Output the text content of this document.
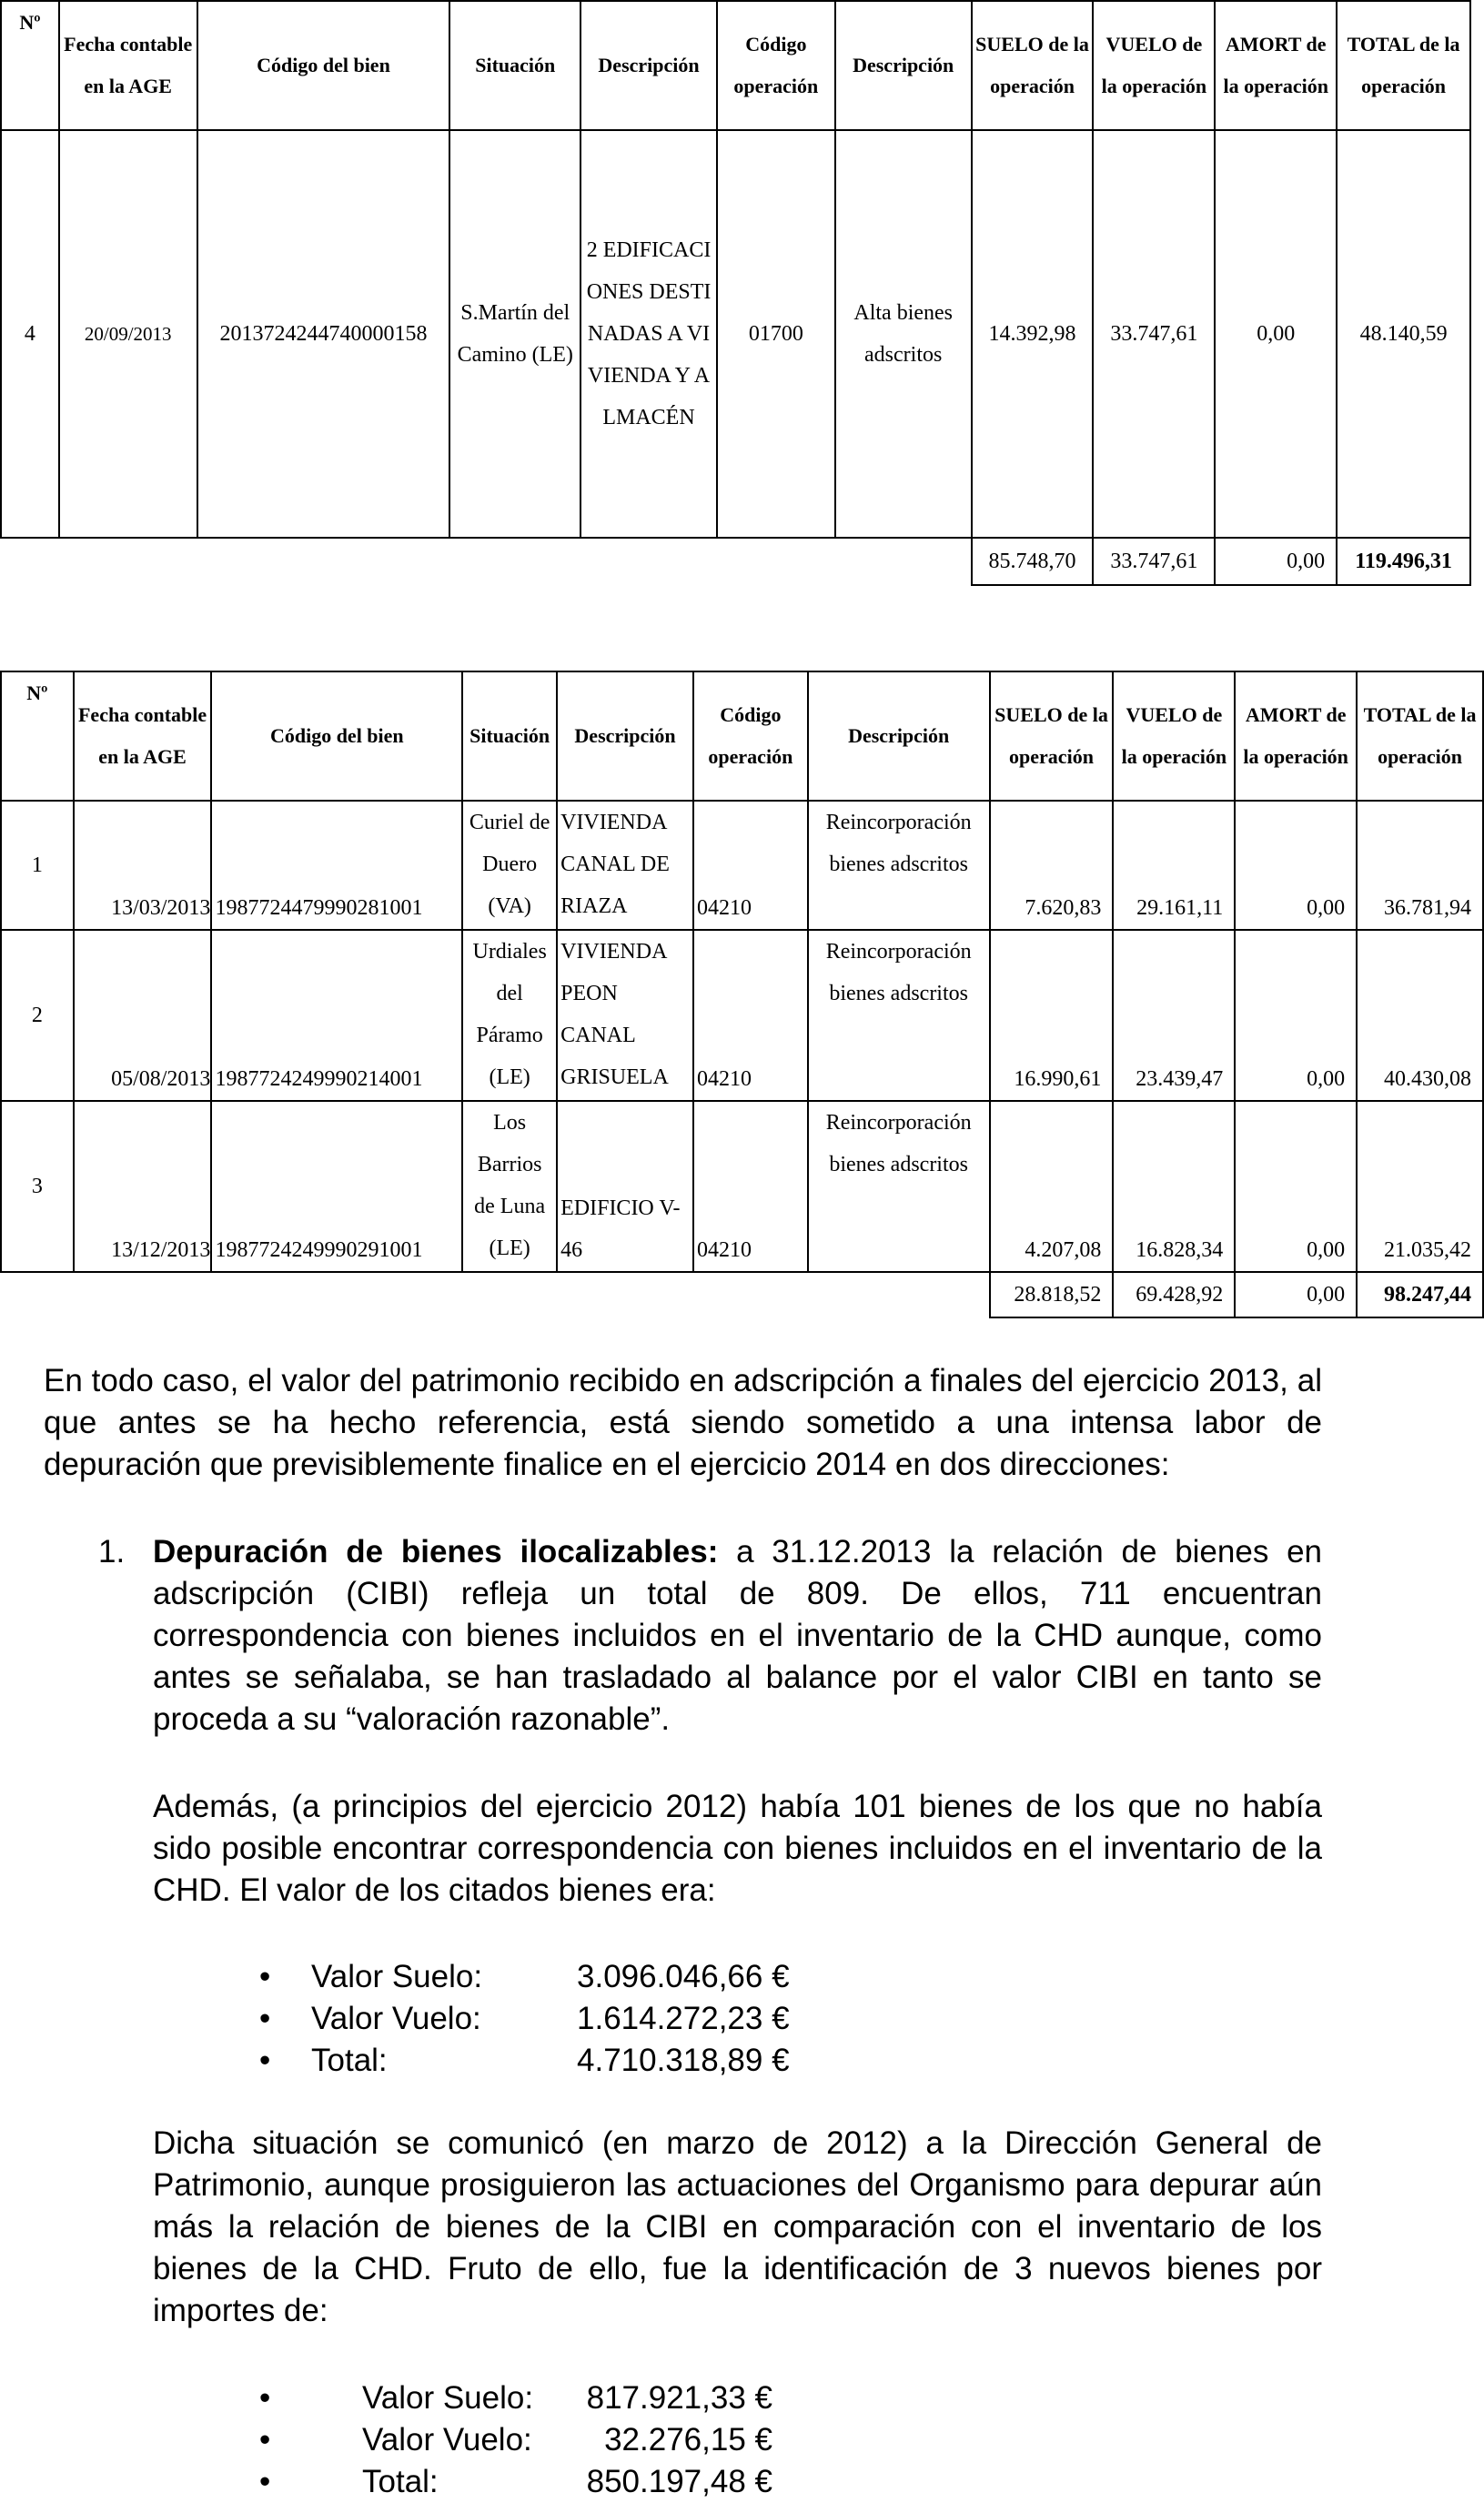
Nº	Fecha contable en la AGE	Código del bien	Situación	Descripción	Código operación	Descripción	SUELO de la operación	VUELO de la operación	AMORT de la operación	TOTAL de la operación
4	20/09/2013	2013724244740000158	S.Martín del Camino (LE)	2 EDIFICACIONES DESTINADAS A VIVIENDA Y ALMACÉN	01700	Alta bienes adscritos	14.392,98	33.747,61	0,00	48.140,59
							85.748,70	33.747,61	0,00	119.496,31
Nº	Fecha contable en la AGE	Código del bien	Situación	Descripción	Código operación	Descripción	SUELO de la operación	VUELO de la operación	AMORT de la operación	TOTAL de la operación
1	13/03/2013	1987724479990281001	Curiel de Duero (VA)	VIVIENDA CANAL DE RIAZA	04210	Reincorporación bienes adscritos	7.620,83	29.161,11	0,00	36.781,94
2	05/08/2013	1987724249990214001	Urdiales del Páramo (LE)	VIVIENDA PEON CANAL GRISUELA	04210	Reincorporación bienes adscritos	16.990,61	23.439,47	0,00	40.430,08
3	13/12/2013	1987724249990291001	Los Barrios de Luna (LE)	EDIFICIO V-46	04210	Reincorporación bienes adscritos	4.207,08	16.828,34	0,00	21.035,42
							28.818,52	69.428,92	0,00	98.247,44
En todo caso, el valor del patrimonio recibido en adscripción a finales del ejercicio 2013, al que antes se ha hecho referencia, está siendo sometido a una intensa labor de depuración que previsiblemente finalice en el ejercicio 2014 en dos direcciones:
1. Depuración de bienes ilocalizables: a 31.12.2013 la relación de bienes en adscripción (CIBI) refleja un total de 809. De ellos, 711 encuentran correspondencia con bienes incluidos en el inventario de la CHD aunque, como antes se señalaba, se han trasladado al balance por el valor CIBI en tanto se proceda a su “valoración razonable”.
Además, (a principios del ejercicio 2012) había 101 bienes de los que no había sido posible encontrar correspondencia con bienes incluidos en el inventario de la CHD. El valor de los citados bienes era:
• Valor Suelo:	3.096.046,66 €
• Valor Vuelo:	1.614.272,23 €
• Total:	4.710.318,89 €
Dicha situación se comunicó (en marzo de 2012) a la Dirección General de Patrimonio, aunque prosiguieron las actuaciones del Organismo para depurar aún más la relación de bienes de la CIBI en comparación con el inventario de los bienes de la CHD. Fruto de ello, fue la identificación de 3 nuevos bienes por importes de:
•	Valor Suelo:	817.921,33 €
•	Valor Vuelo:	32.276,15 €
•	Total:	850.197,48 €
